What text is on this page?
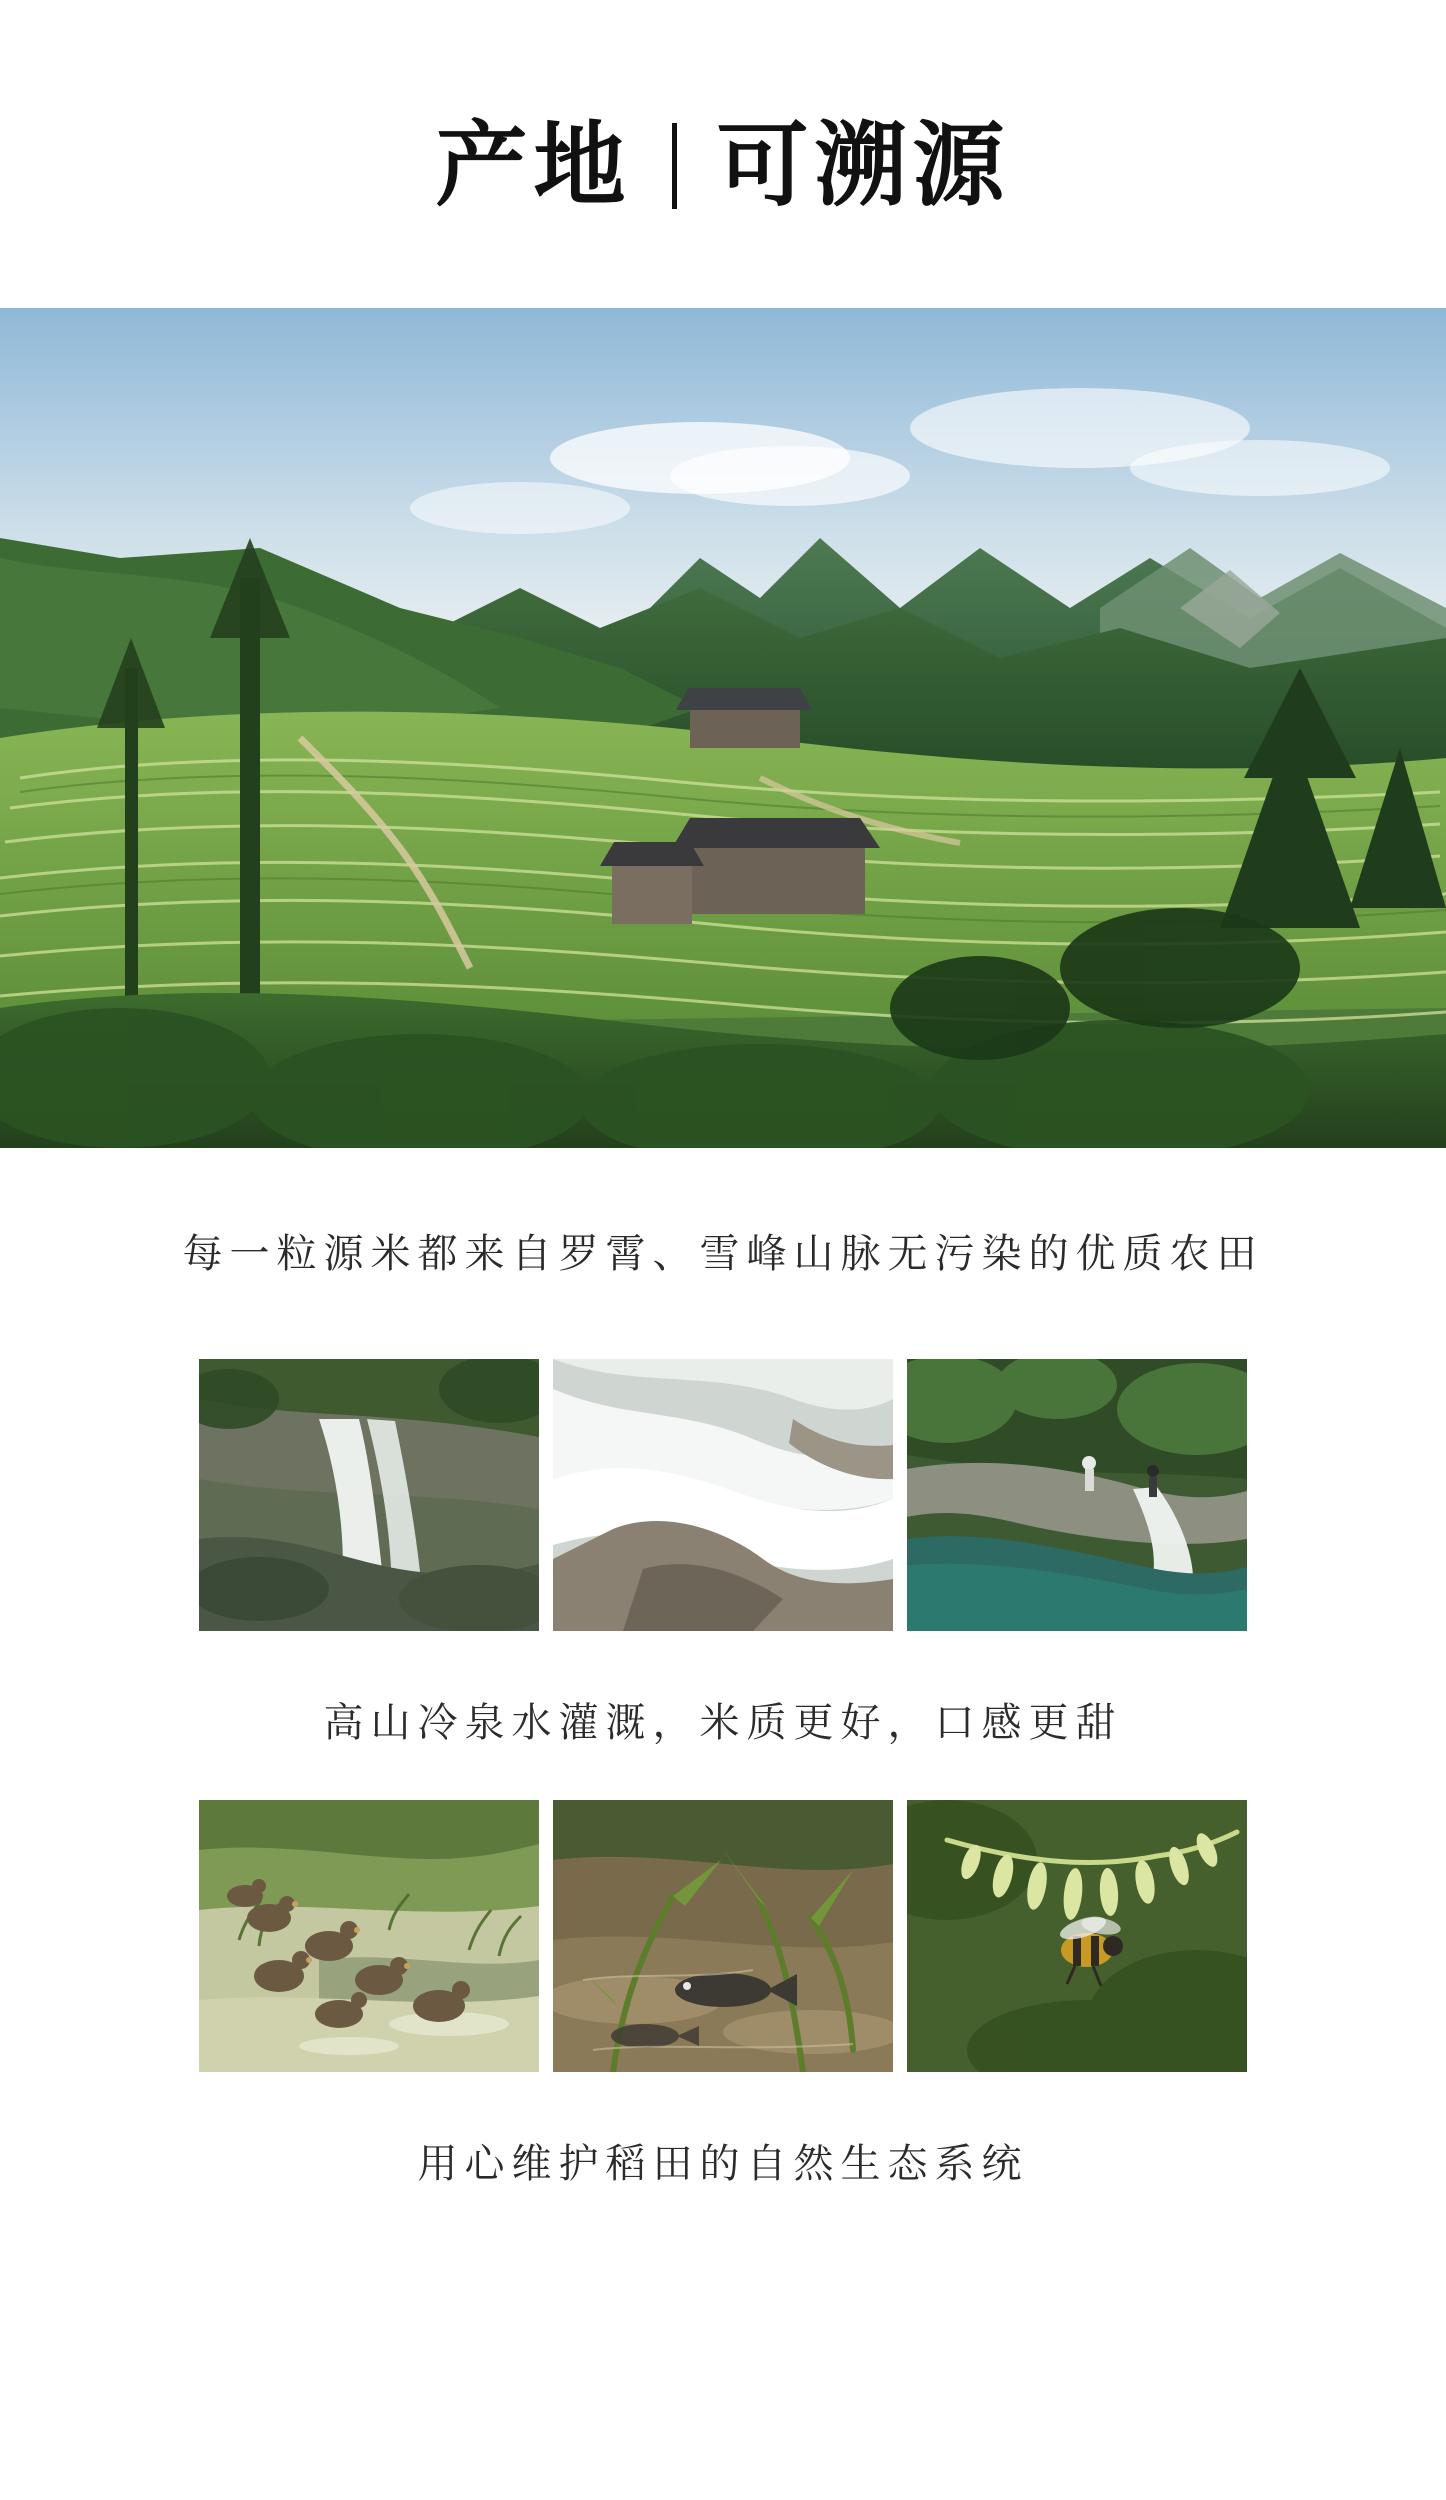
产地 可溯源
每一粒源米都来自罗霄、雪峰山脉无污染的优质农田
高山冷泉水灌溉，米质更好，口感更甜
用心维护稻田的自然生态系统
